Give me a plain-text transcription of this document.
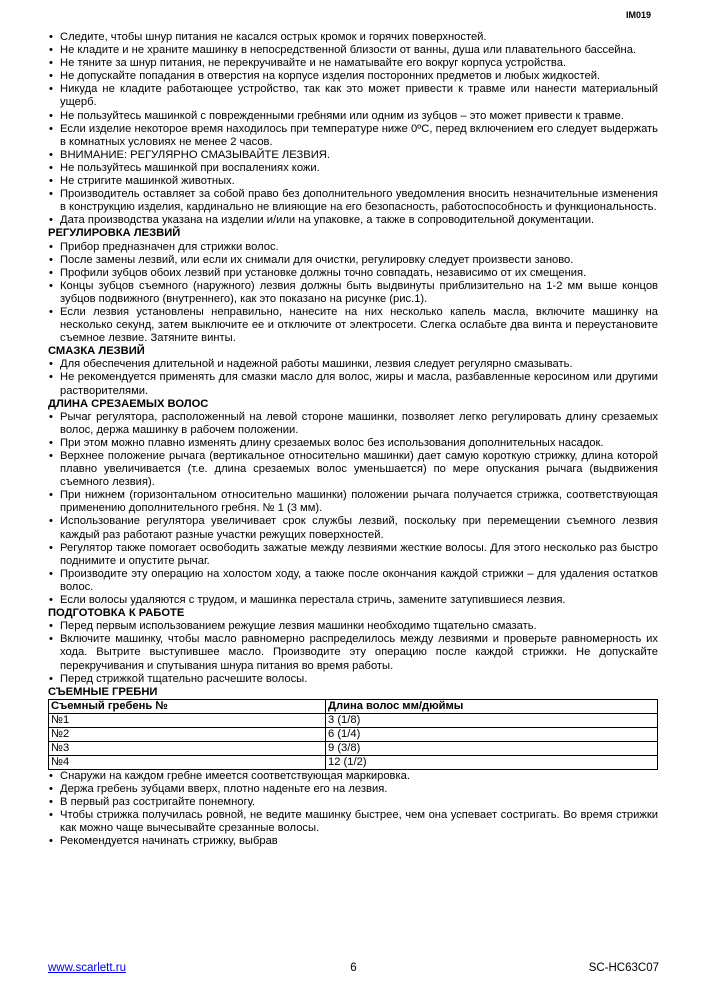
IM019
• Следите, чтобы шнур питания не касался острых кромок и горячих поверхностей.
• Не кладите и не храните машинку в непосредственной близости от ванны, душа или плавательного бассейна.
• Не тяните за шнур питания, не перекручивайте и не наматывайте его вокруг корпуса устройства.
• Не допускайте попадания в отверстия на корпусе изделия посторонних предметов и любых жидкостей.
• Никуда не кладите работающее устройство, так как это может привести к травме или нанести материальный ущерб.
• Не пользуйтесь машинкой с поврежденными гребнями или одним из зубцов – это может привести к травме.
• Если изделие некоторое время находилось при температуре ниже 0ºC, перед включением его следует выдержать в комнатных условиях не менее 2 часов.
• ВНИМАНИЕ: РЕГУЛЯРНО СМАЗЫВАЙТЕ ЛЕЗВИЯ.
• Не пользуйтесь машинкой при воспалениях кожи.
• Не стригите машинкой животных.
• Производитель оставляет за собой право без дополнительного уведомления вносить незначительные изменения в конструкцию изделия, кардинально не влияющие на его безопасность, работоспособность и функциональность.
• Дата производства указана на изделии и/или на упаковке, а также в сопроводительной документации.
РЕГУЛИРОВКА ЛЕЗВИЙ
• Прибор предназначен для стрижки волос.
• После замены лезвий, или если их снимали для очистки, регулировку следует произвести заново.
• Профили зубцов обоих лезвий при установке должны точно совпадать, независимо от их смещения.
• Концы зубцов съемного (наружного) лезвия должны быть выдвинуты приблизительно на 1-2 мм выше концов зубцов подвижного (внутреннего), как это показано на рисунке (рис.1).
• Если лезвия установлены неправильно, нанесите на них несколько капель масла, включите машинку на несколько секунд, затем выключите ее и отключите от электросети. Слегка ослабьте два винта и переустановите съемное лезвие. Затяните винты.
СМАЗКА ЛЕЗВИЙ
• Для обеспечения длительной и надежной работы машинки, лезвия следует регулярно смазывать.
• Не рекомендуется применять для смазки масло для волос, жиры и масла, разбавленные керосином или другими растворителями.
ДЛИНА СРЕЗАЕМЫХ ВОЛОС
• Рычаг регулятора, расположенный на левой стороне машинки, позволяет легко регулировать длину срезаемых волос, держа машинку в рабочем положении.
• При этом можно плавно изменять длину срезаемых волос без использования дополнительных насадок.
• Верхнее положение рычага (вертикальное относительно машинки) дает самую короткую стрижку, длина которой плавно увеличивается (т.е. длина срезаемых волос уменьшается) по мере опускания рычага (выдвижения съемного лезвия).
• При нижнем (горизонтальном относительно машинки) положении рычага получается стрижка, соответствующая применению дополнительного гребня. № 1 (3 мм).
• Использование регулятора увеличивает срок службы лезвий, поскольку при перемещении съемного лезвия каждый раз работают разные участки режущих поверхностей.
• Регулятор также помогает освободить зажатые между лезвиями жесткие волосы. Для этого несколько раз быстро поднимите и опустите рычаг.
• Производите эту операцию на холостом ходу, а также после окончания каждой стрижки – для удаления остатков волос.
• Если волосы удаляются с трудом, и машинка перестала стричь, замените затупившиеся лезвия.
ПОДГОТОВКА К РАБОТЕ
• Перед первым использованием режущие лезвия машинки необходимо тщательно смазать.
• Включите машинку, чтобы масло равномерно распределилось между лезвиями и проверьте равномерность их хода. Вытрите выступившее масло. Производите эту операцию после каждой стрижки. Не допускайте перекручивания и спутывания шнура питания во время работы.
• Перед стрижкой тщательно расчешите волосы.
СЪЕМНЫЕ ГРЕБНИ
Съемный гребень №	Длина волос мм/дюймы
№1	3 (1/8)
№2	6 (1/4)
№3	9 (3/8)
№4	12 (1/2)
• Снаружи на каждом гребне имеется соответствующая маркировка.
• Держа гребень зубцами вверх, плотно наденьте его на лезвия.
• В первый раз состригайте понемногу.
• Чтобы стрижка получилась ровной, не ведите машинку быстрее, чем она успевает состригать. Во время стрижки как можно чаще вычесывайте срезанные волосы.
• Рекомендуется начинать стрижку, выбрав
www.scarlett.ru	6	SC-HC63C07
